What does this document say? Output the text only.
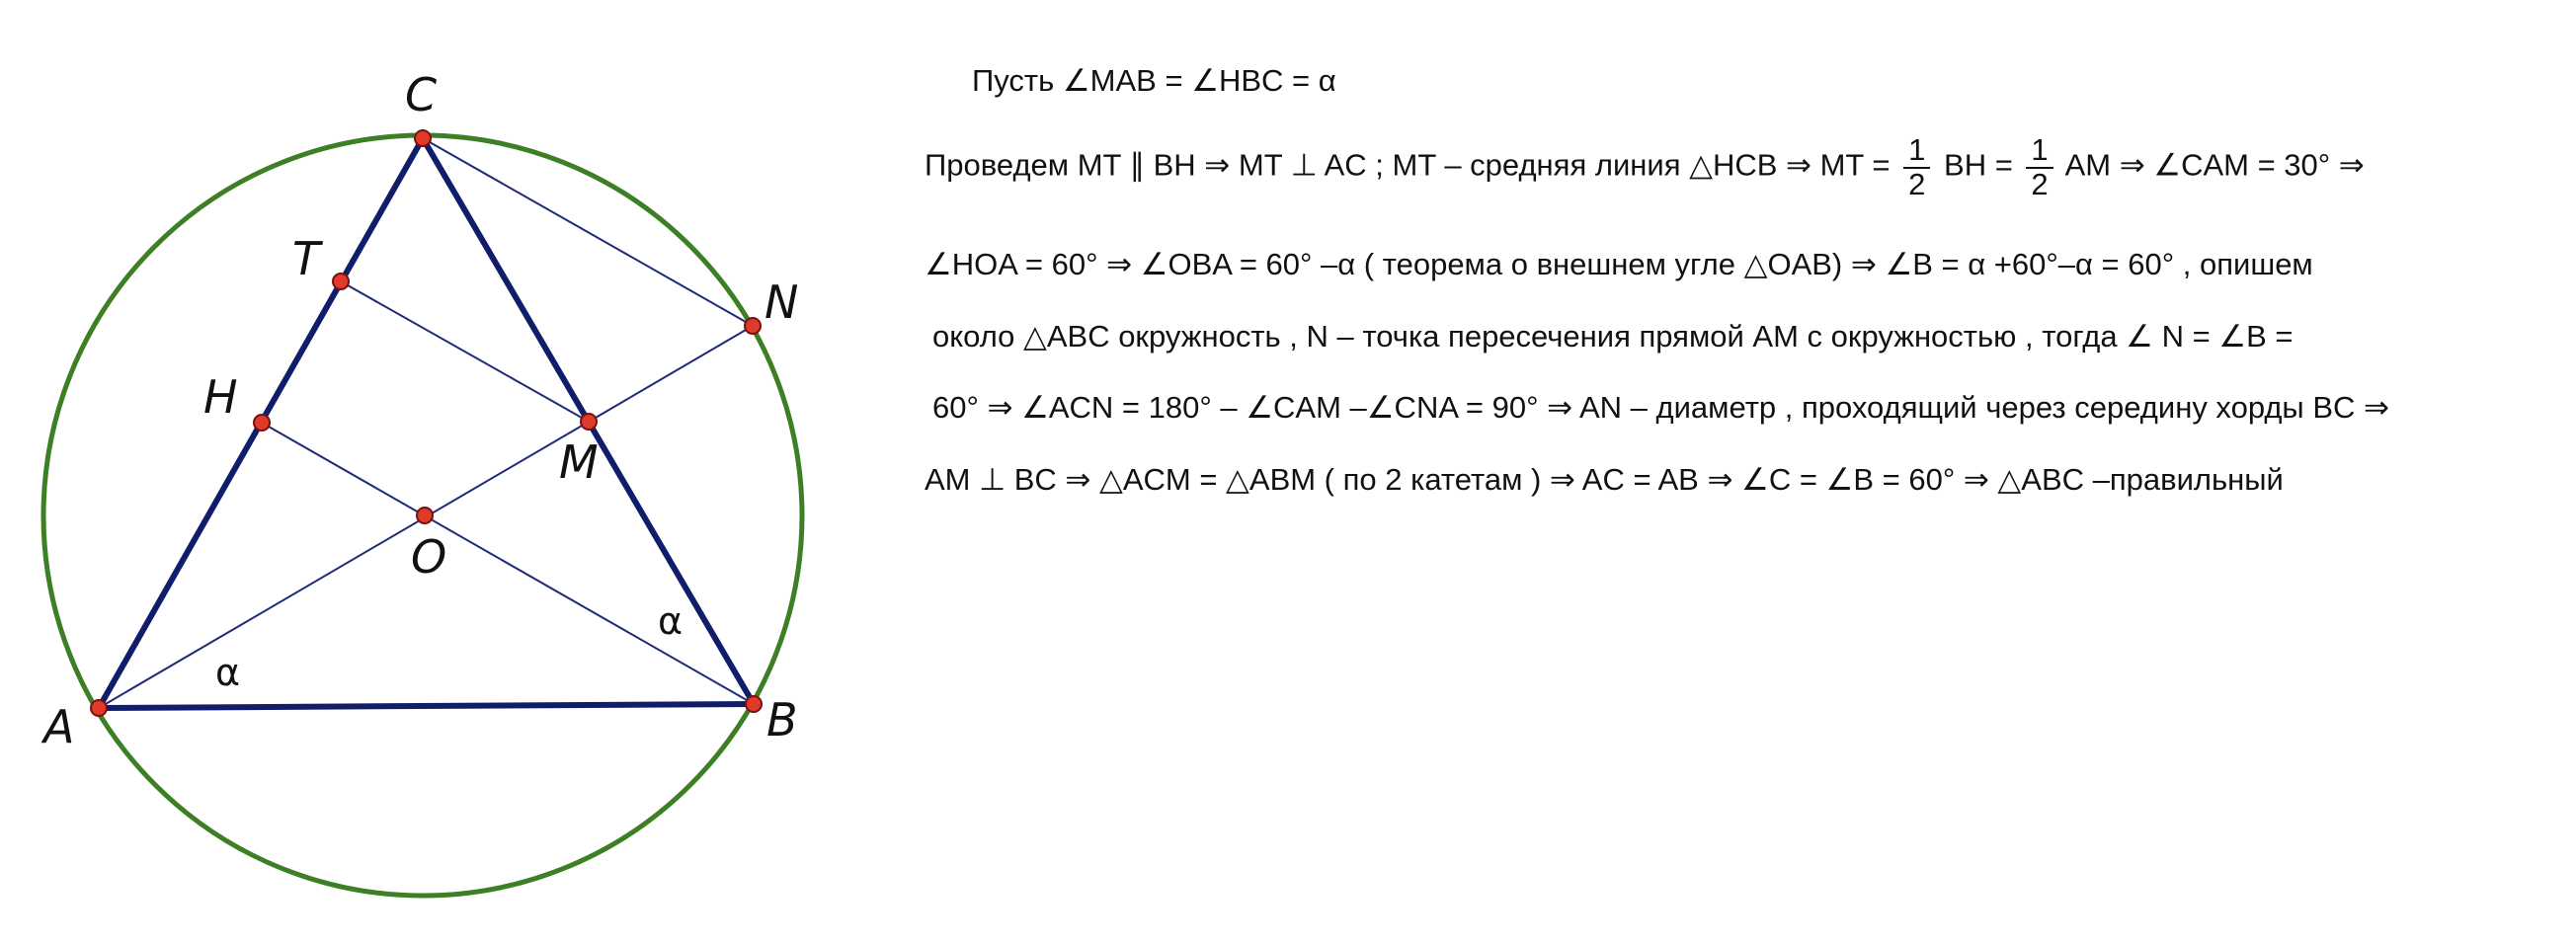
A	B
C
T
H
M
O
N
α
α
Пусть ∠MAB = ∠HBC = α
Проведем MT ∥ BH ⇒ MT ⊥ AC ; MT – средняя линия △HCB ⇒ MT = $\frac{1}{2}$ BH = $\frac{1}{2}$ AM ⇒ ∠CAM = 30° ⇒
∠HOA = 60° ⇒ ∠OBA = 60° –α ( теорема о внешнем угле △OAB) ⇒ ∠B = α +60°–α = 60° , опишем
около △ABC окружность , N – точка пересечения прямой AM с окружностью , тогда ∠ N = ∠B =
60° ⇒ ∠ACN = 180° – ∠CAM –∠CNA = 90° ⇒ AN – диаметр , проходящий через середину хорды BC ⇒
AM ⊥ BC ⇒ △ACM = △ABM ( по 2 катетам ) ⇒ AC = AB ⇒ ∠C = ∠B = 60° ⇒ △ABC –правильный
